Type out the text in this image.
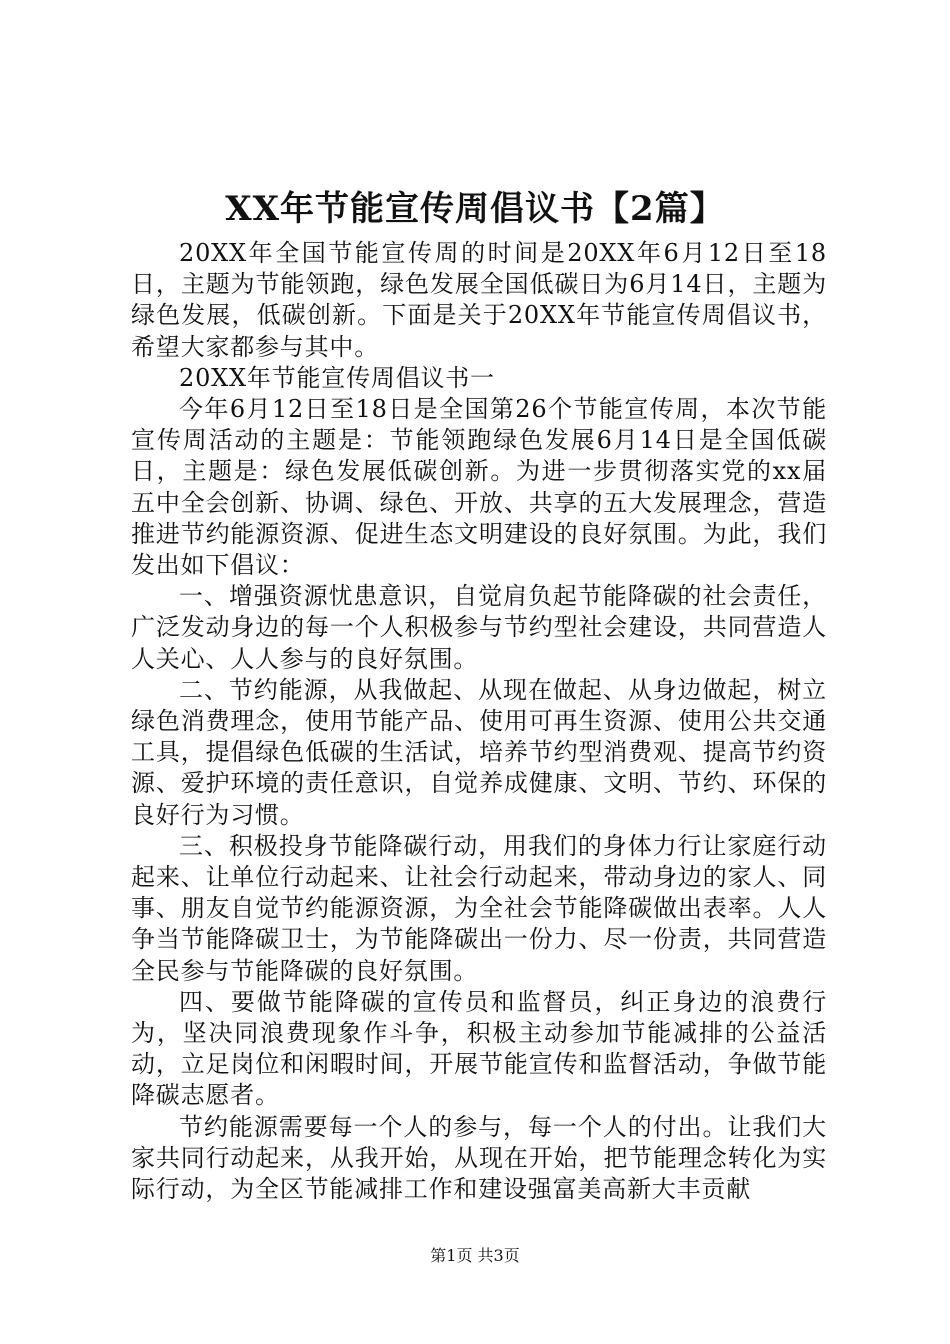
XX年节能宣传周倡议书【2篇】

20XX年全国节能宣传周的时间是20XX年6月12日至18日，主题为节能领跑，绿色发展全国低碳日为6月14日，主题为绿色发展，低碳创新。下面是关于20XX年节能宣传周倡议书，希望大家都参与其中。

20XX年节能宣传周倡议书一

今年6月12日至18日是全国第26个节能宣传周，本次节能宣传周活动的主题是：节能领跑绿色发展6月14日是全国低碳日，主题是：绿色发展低碳创新。为进一步贯彻落实党的xx届五中全会创新、协调、绿色、开放、共享的五大发展理念，营造推进节约能源资源、促进生态文明建设的良好氛围。为此，我们发出如下倡议：

一、增强资源忧患意识，自觉肩负起节能降碳的社会责任，广泛发动身边的每一个人积极参与节约型社会建设，共同营造人人关心、人人参与的良好氛围。

二、节约能源，从我做起、从现在做起、从身边做起，树立绿色消费理念，使用节能产品、使用可再生资源、使用公共交通工具，提倡绿色低碳的生活试，培养节约型消费观、提高节约资源、爱护环境的责任意识，自觉养成健康、文明、节约、环保的良好行为习惯。

三、积极投身节能降碳行动，用我们的身体力行让家庭行动起来、让单位行动起来、让社会行动起来，带动身边的家人、同事、朋友自觉节约能源资源，为全社会节能降碳做出表率。人人争当节能降碳卫士，为节能降碳出一份力、尽一份责，共同营造全民参与节能降碳的良好氛围。

四、要做节能降碳的宣传员和监督员，纠正身边的浪费行为，坚决同浪费现象作斗争，积极主动参加节能减排的公益活动，立足岗位和闲暇时间，开展节能宣传和监督活动，争做节能降碳志愿者。

节约能源需要每一个人的参与，每一个人的付出。让我们大家共同行动起来，从我开始，从现在开始，把节能理念转化为实际行动，为全区节能减排工作和建设强富美高新大丰贡献

第1页 共3页
